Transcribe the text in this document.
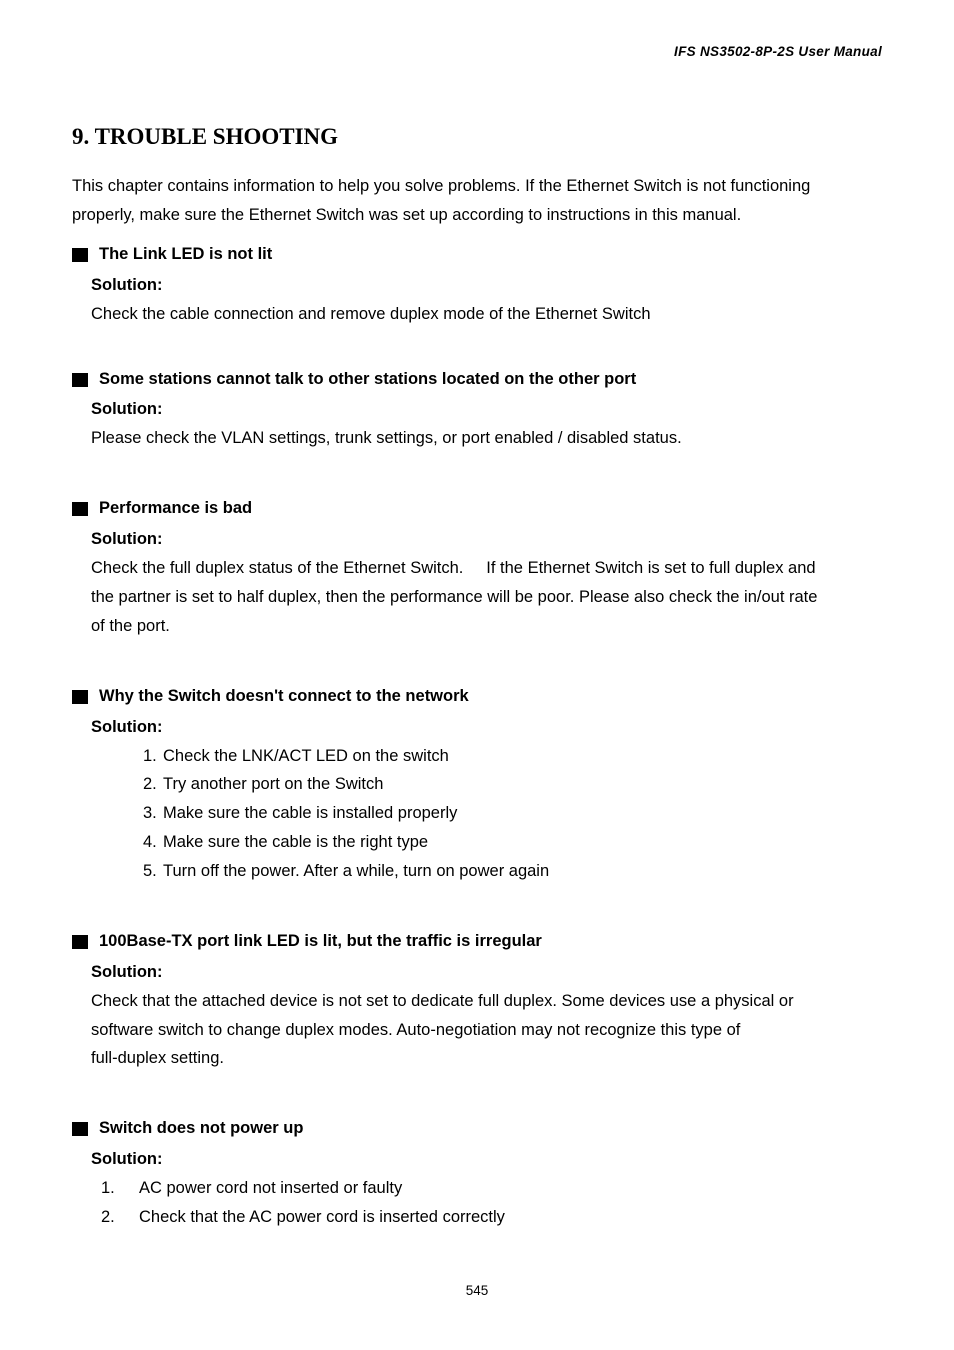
IFS NS3502-8P-2S User Manual
9. TROUBLE SHOOTING
This chapter contains information to help you solve problems. If the Ethernet Switch is not functioning
properly, make sure the Ethernet Switch was set up according to instructions in this manual.
The Link LED is not lit
Solution:
Check the cable connection and remove duplex mode of the Ethernet Switch
Some stations cannot talk to other stations located on the other port
Solution:
Please check the VLAN settings, trunk settings, or port enabled / disabled status.
Performance is bad
Solution:
Check the full duplex status of the Ethernet Switch.     If the Ethernet Switch is set to full duplex and
the partner is set to half duplex, then the performance will be poor. Please also check the in/out rate
of the port.
Why the Switch doesn't connect to the network
Solution:
1. Check the LNK/ACT LED on the switch
2. Try another port on the Switch
3. Make sure the cable is installed properly
4. Make sure the cable is the right type
5. Turn off the power. After a while, turn on power again
100Base-TX port link LED is lit, but the traffic is irregular
Solution:
Check that the attached device is not set to dedicate full duplex. Some devices use a physical or
software switch to change duplex modes. Auto-negotiation may not recognize this type of
full-duplex setting.
Switch does not power up
Solution:
1. AC power cord not inserted or faulty
2. Check that the AC power cord is inserted correctly
545
